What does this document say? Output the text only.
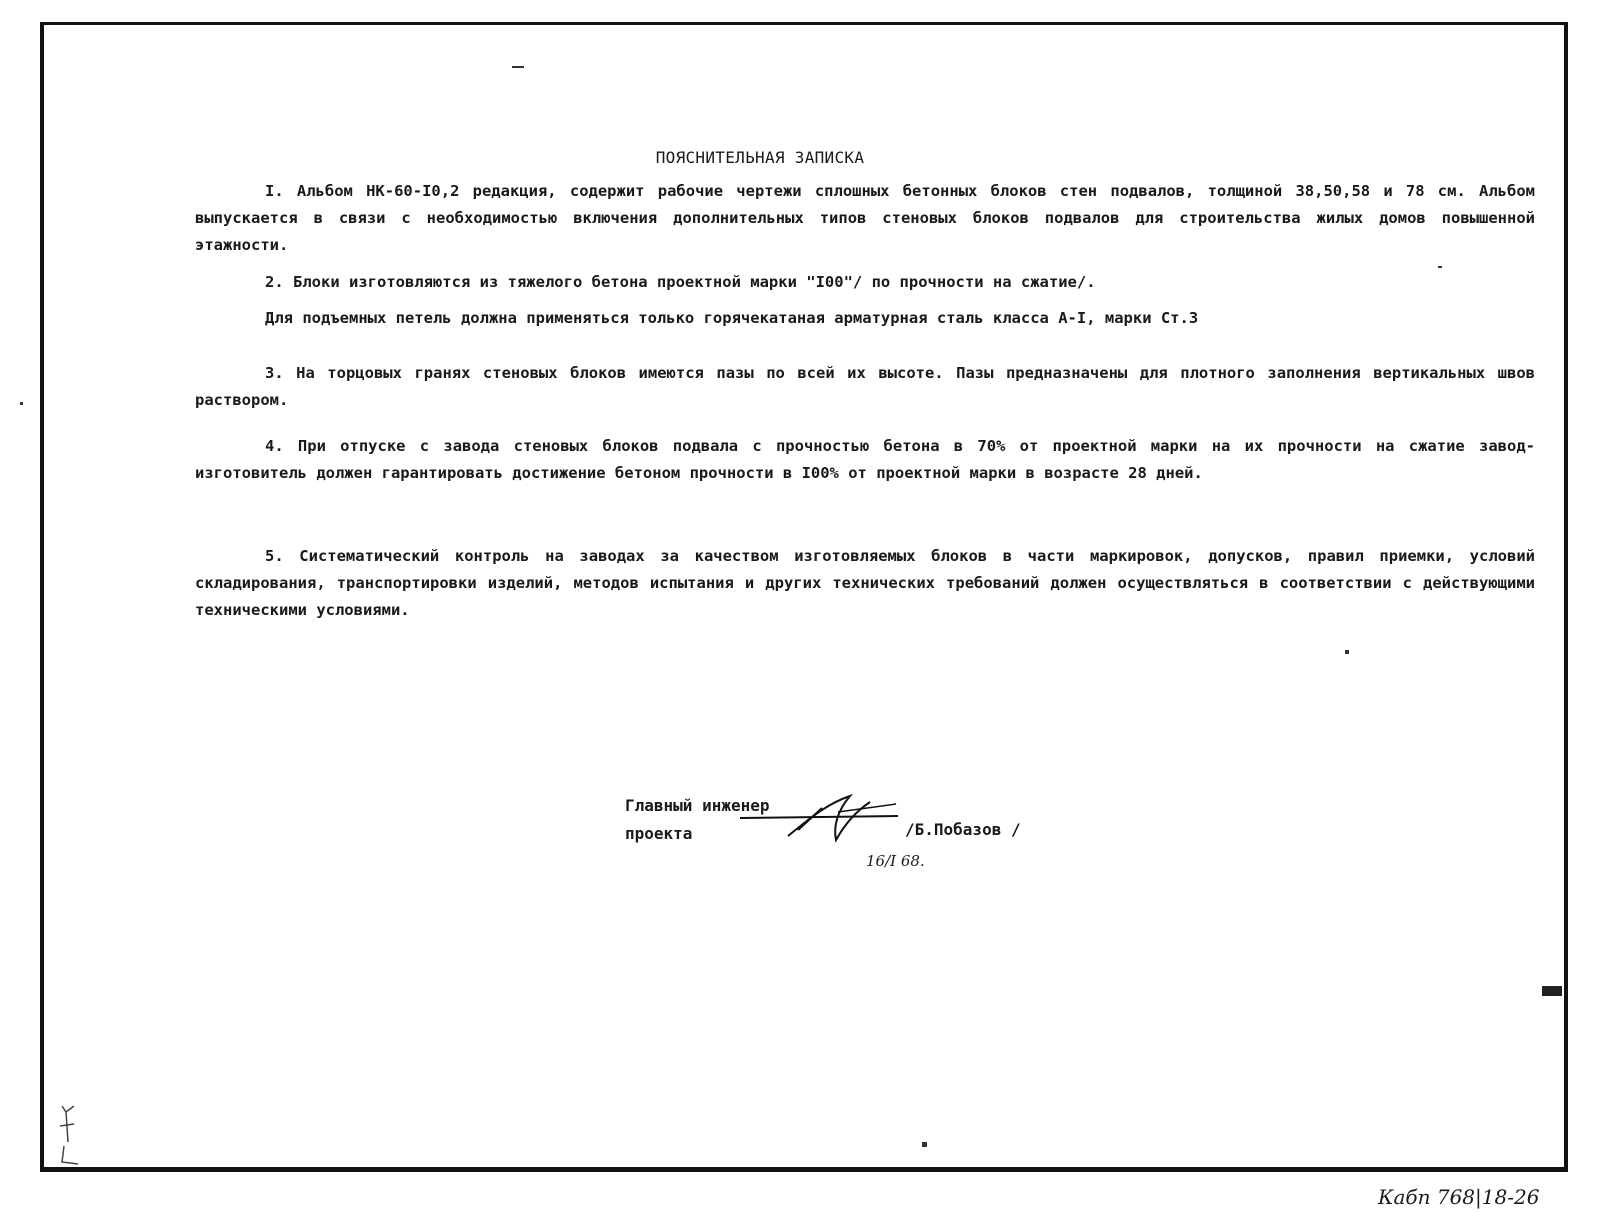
ПОЯСНИТЕЛЬНАЯ ЗАПИСКА
I. Альбом НК-60-I0,2 редакция, содержит рабочие чертежи сплошных бетонных блоков стен подвалов, толщиной 38,50,58 и 78 см. Альбом выпускается в связи с необходимостью включения дополнительных типов стеновых блоков подвалов для строительства жилых домов повышенной этажности.
2. Блоки изготовляются из тяжелого бетона проектной марки "I00"/ по прочности на сжатие/.
Для подъемных петель должна применяться только горячекатаная арматурная сталь класса A-I, марки Ст.3
3. На торцовых гранях стеновых блоков имеются пазы по всей их высоте. Пазы предназначены для плотного заполнения вертикальных швов раствором.
4. При отпуске с завода стеновых блоков подвала с прочностью бетона в 70% от проектной марки на их прочности на сжатие завод-изготовитель должен гарантировать достижение бетоном прочности в I00% от проектной марки в возрасте 28 дней.
5. Систематический контроль на заводах за качеством изготовляемых блоков в части маркировок, допусков, правил приемки, условий складирования, транспортировки изделий, методов испытания и других технических требований должен осуществляться в соответствии с действующими техническими условиями.
Главный инженер
проекта	/Б.Побазов /
16/I 68.
Кабп 768|18-26
